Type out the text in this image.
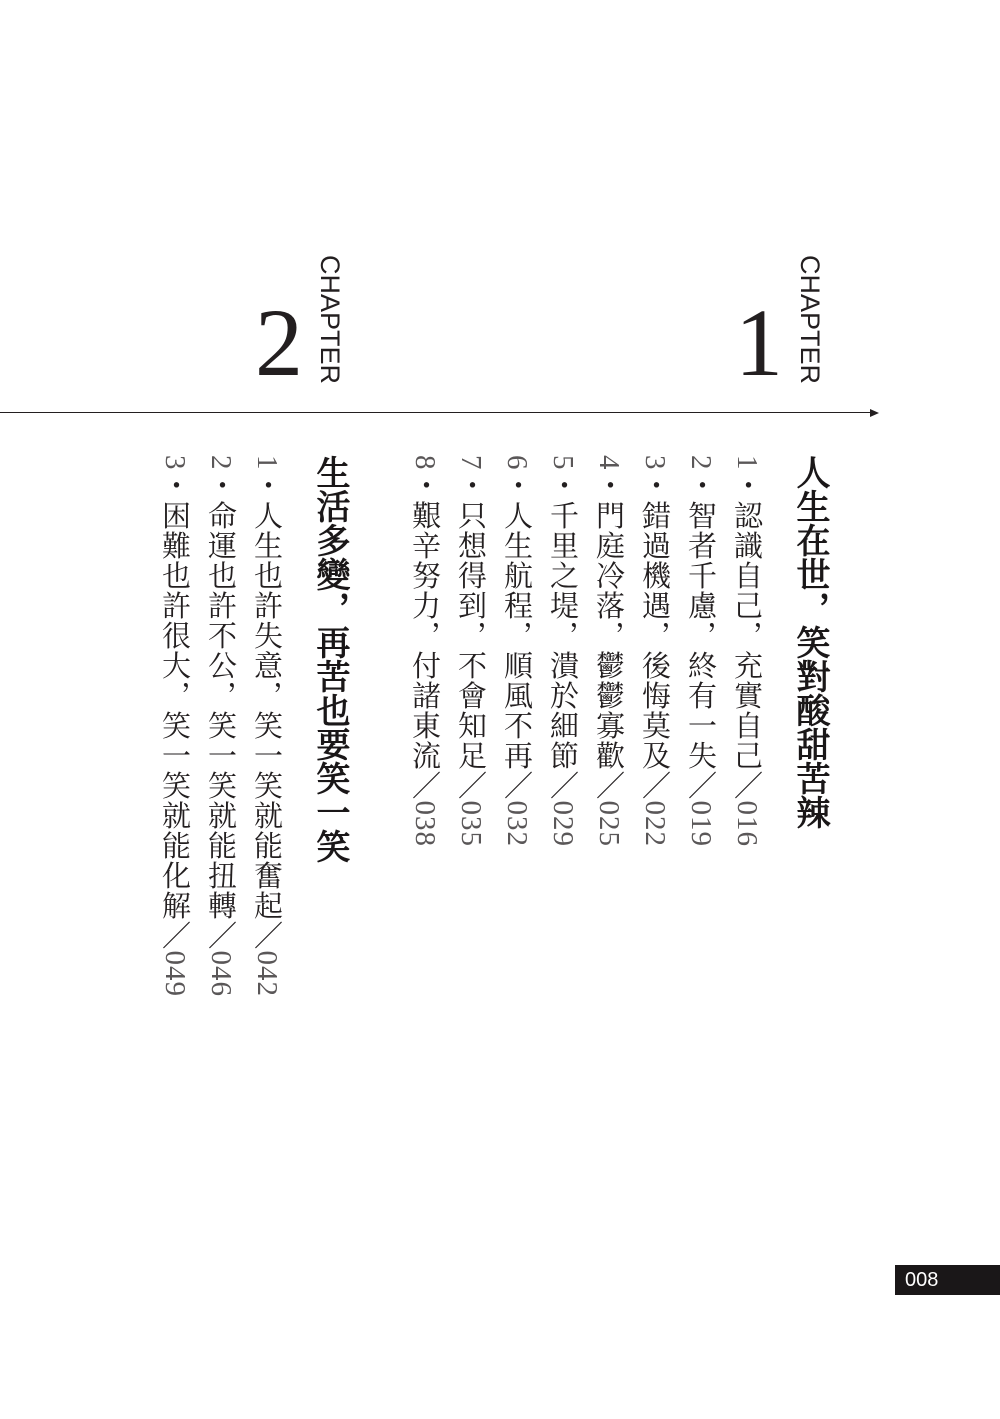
1 CHAPTER
2 CHAPTER
人生在世，笑對酸甜苦辣
1・認識自己，充實自己／016
2・智者千慮，終有一失／019
3・錯過機遇，後悔莫及／022
4・門庭冷落，鬱鬱寡歡／025
5・千里之堤，潰於細節／029
6・人生航程，順風不再／032
7・只想得到，不會知足／035
8・艱辛努力，付諸東流／038
生活多變，再苦也要笑一笑
1・人生也許失意，笑一笑就能奮起／042
2・命運也許不公，笑一笑就能扭轉／046
3・困難也許很大，笑一笑就能化解／049
008
